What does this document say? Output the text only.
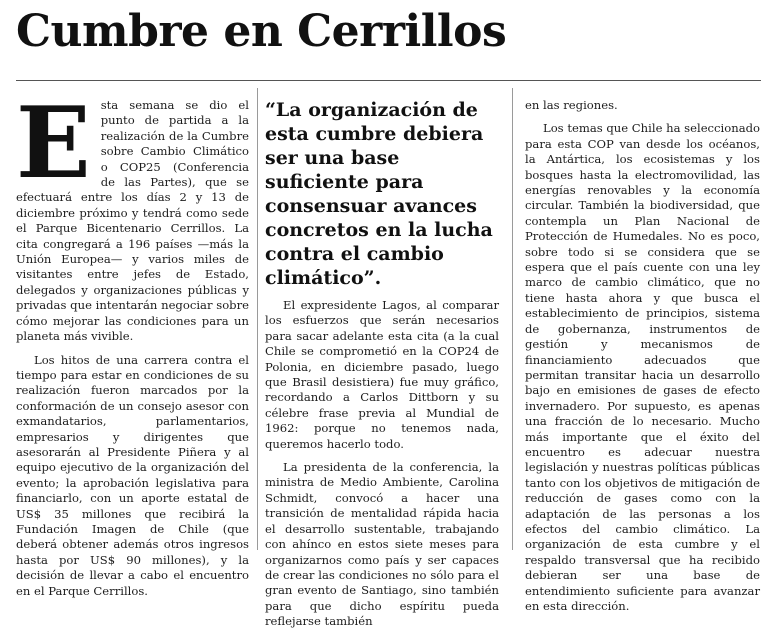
Cumbre en Cerrillos
E sta semana se dio el punto de partida a la realización de la Cumbre sobre Cambio Climático o COP25 (Conferencia de las Partes), que se efectuará entre los días 2 y 13 de diciembre próximo y tendrá como sede el Parque Bicentenario Cerrillos. La cita congregará a 196 países —más la Unión Europea— y varios miles de visitantes entre jefes de Estado, delegados y organizaciones públicas y privadas que intentarán negociar sobre cómo mejorar las condiciones para un planeta más vivible.

Los hitos de una carrera contra el tiempo para estar en condiciones de su realización fueron marcados por la conformación de un consejo asesor con exmandatarios, parlamentarios, empresarios y dirigentes que asesorarán al Presidente Piñera y al equipo ejecutivo de la organización del evento; la aprobación legislativa para financiarlo, con un aporte estatal de US$ 35 millones que recibirá la Fundación Imagen de Chile (que deberá obtener además otros ingresos hasta por US$ 90 millones), y la decisión de llevar a cabo el encuentro en el Parque Cerrillos.

“La organización de esta cumbre debiera ser una base suficiente para consensuar avances concretos en la lucha contra el cambio climático”.

El expresidente Lagos, al comparar los esfuerzos que serán necesarios para sacar adelante esta cita (a la cual Chile se comprometió en la COP24 de Polonia, en diciembre pasado, luego que Brasil desistiera) fue muy gráfico, recordando a Carlos Dittborn y su célebre frase previa al Mundial de 1962: porque no tenemos nada, queremos hacerlo todo.

La presidenta de la conferencia, la ministra de Medio Ambiente, Carolina Schmidt, convocó a hacer una transición de mentalidad rápida hacia el desarrollo sustentable, trabajando con ahínco en estos siete meses para organizarnos como país y ser capaces de crear las condiciones no sólo para el gran evento de Santiago, sino también para que dicho espíritu pueda reflejarse también

en las regiones.

Los temas que Chile ha seleccionado para esta COP van desde los océanos, la Antártica, los ecosistemas y los bosques hasta la electromovilidad, las energías renovables y la economía circular. También la biodiversidad, que contempla un Plan Nacional de Protección de Humedales. No es poco, sobre todo si se considera que se espera que el país cuente con una ley marco de cambio climático, que no tiene hasta ahora y que busca el establecimiento de principios, sistema de gobernanza, instrumentos de gestión y mecanismos de financiamiento adecuados que permitan transitar hacia un desarrollo bajo en emisiones de gases de efecto invernadero. Por supuesto, es apenas una fracción de lo necesario. Mucho más importante que el éxito del encuentro es adecuar nuestra legislación y nuestras políticas públicas tanto con los objetivos de mitigación de reducción de gases como con la adaptación de las personas a los efectos del cambio climático. La organización de esta cumbre y el respaldo transversal que ha recibido debieran ser una base de entendimiento suficiente para avanzar en esta dirección.
